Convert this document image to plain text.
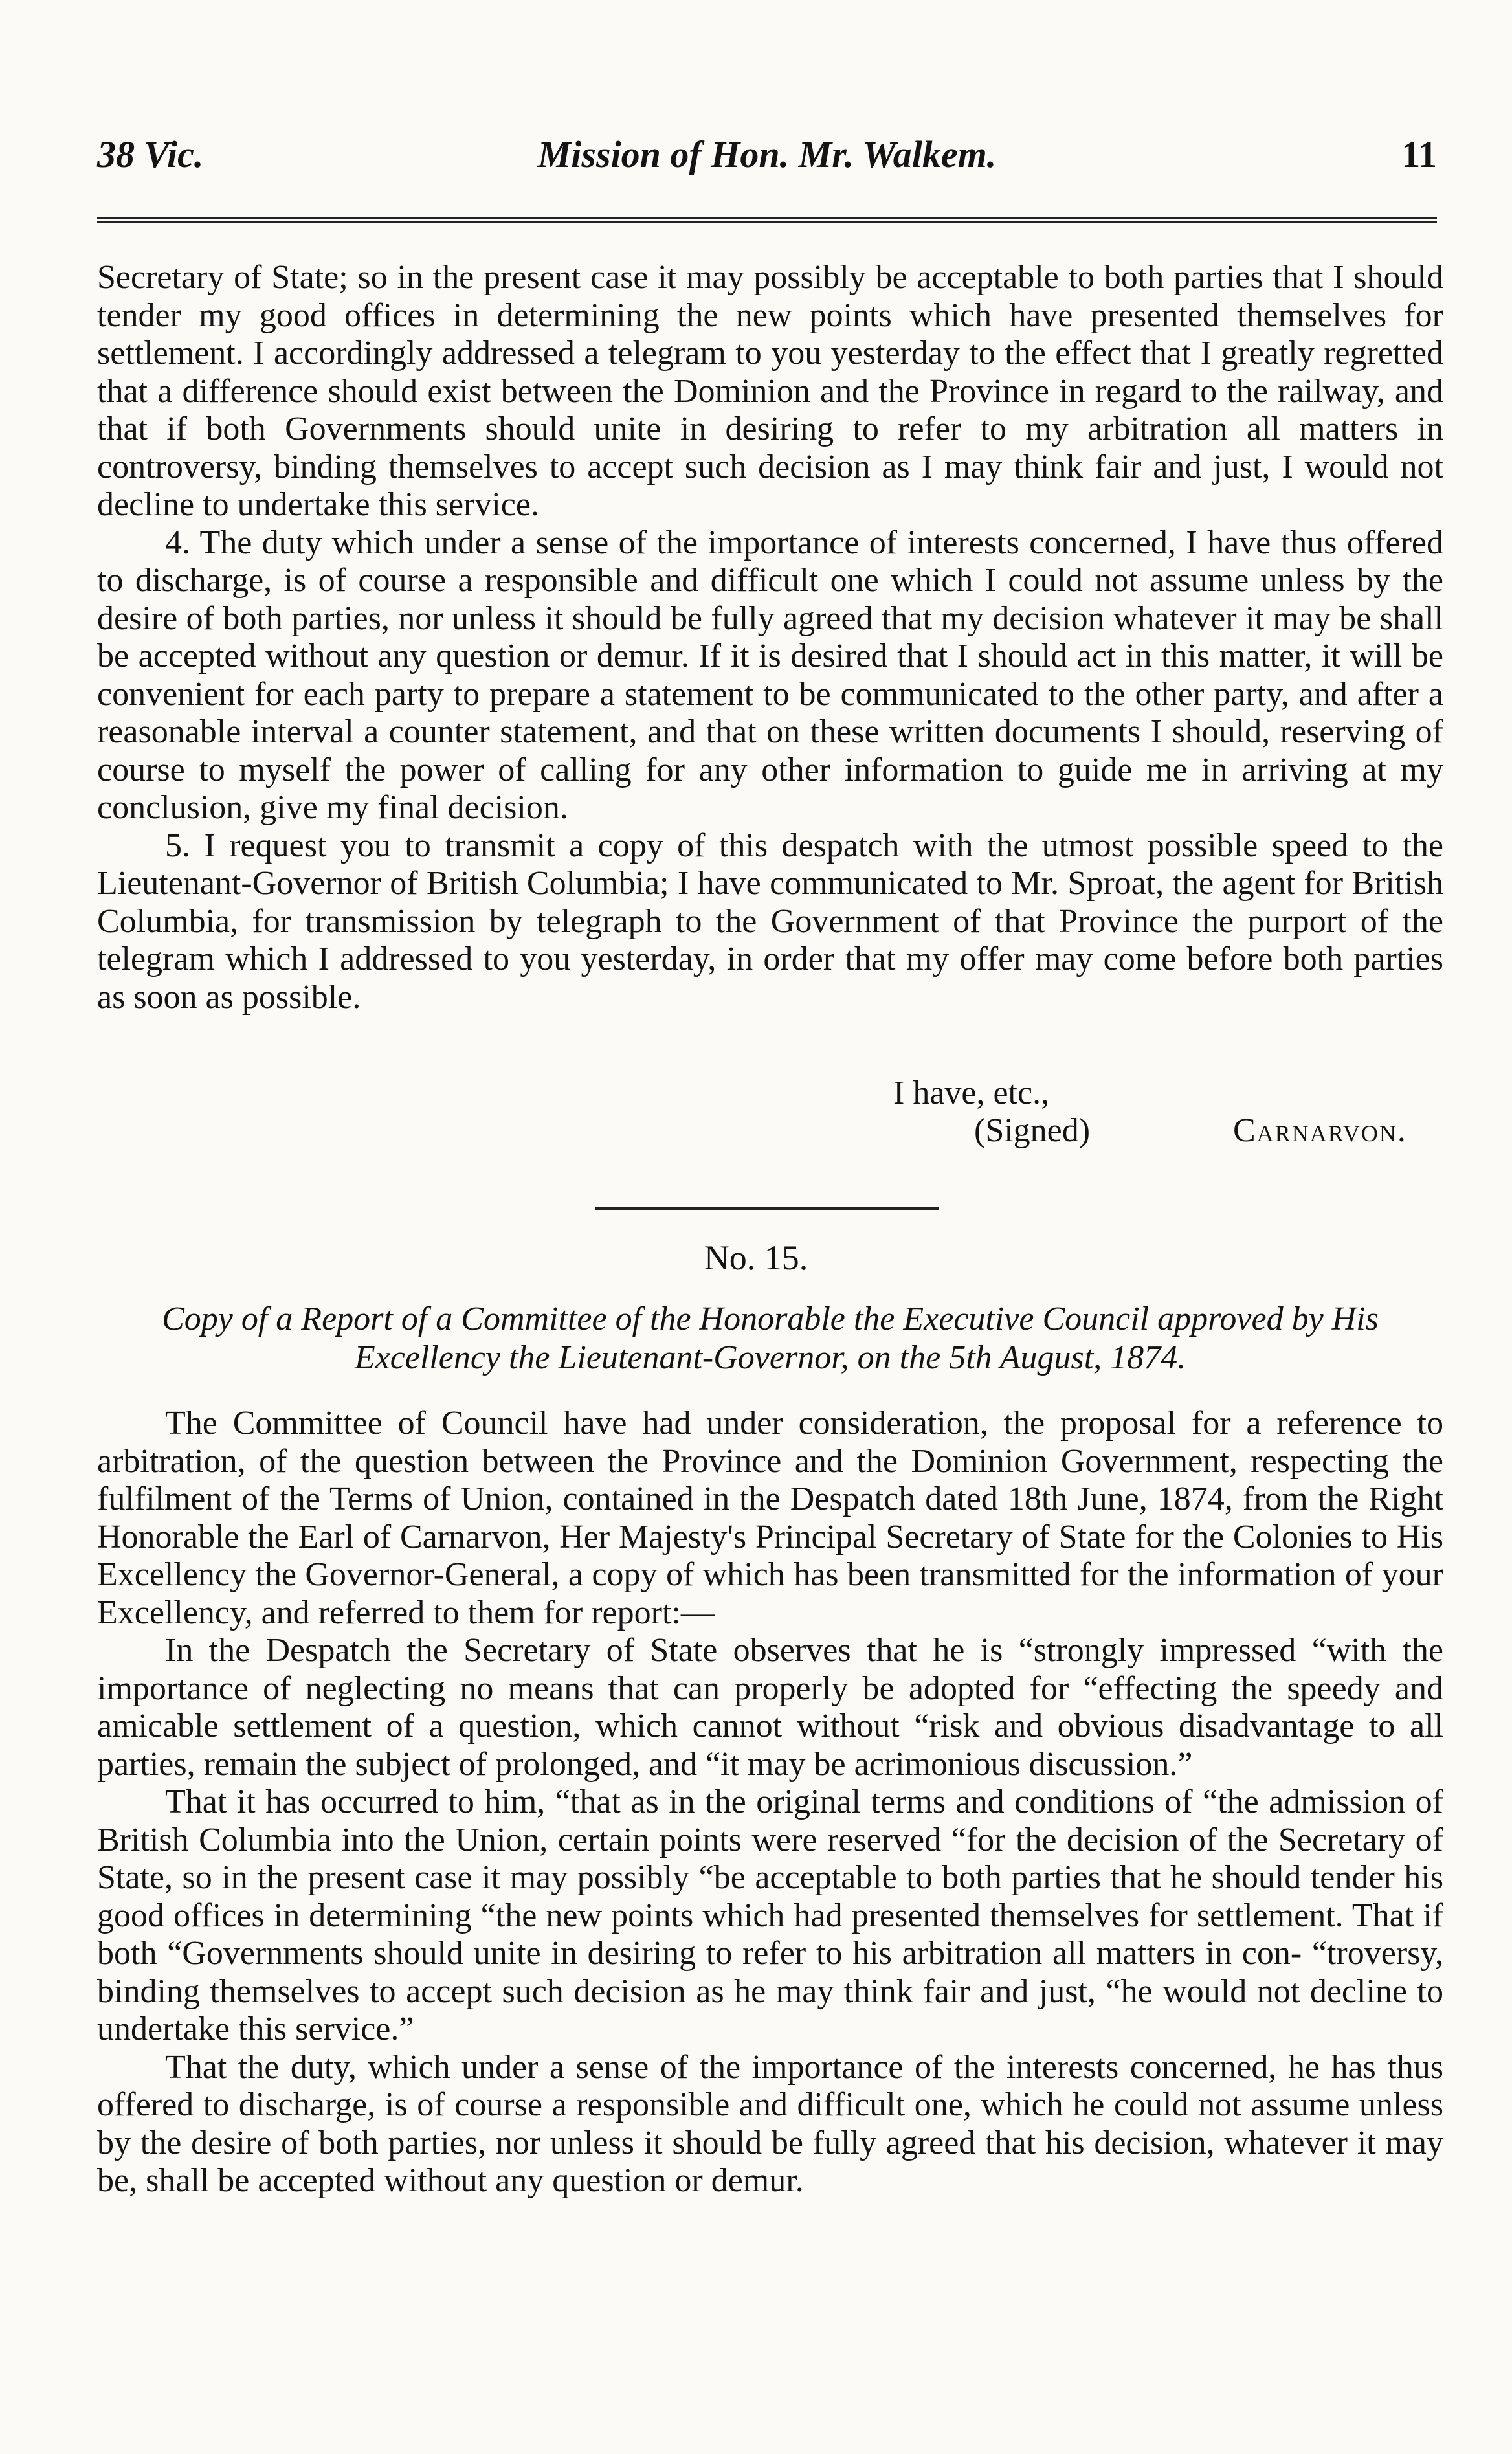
38 Vic.	Mission of Hon. Mr. Walkem.	11

Secretary of State; so in the present case it may possibly be acceptable to both parties that I should tender my good offices in determining the new points which have presented themselves for settlement. I accordingly addressed a telegram to you yesterday to the effect that I greatly regretted that a difference should exist between the Dominion and the Province in regard to the railway, and that if both Governments should unite in desiring to refer to my arbitration all matters in controversy, binding themselves to accept such decision as I may think fair and just, I would not decline to undertake this service.

4. The duty which under a sense of the importance of interests concerned, I have thus offered to discharge, is of course a responsible and difficult one which I could not assume unless by the desire of both parties, nor unless it should be fully agreed that my decision whatever it may be shall be accepted without any question or demur. If it is desired that I should act in this matter, it will be convenient for each party to prepare a statement to be communicated to the other party, and after a reasonable interval a counter statement, and that on these written documents I should, reserving of course to myself the power of calling for any other information to guide me in arriving at my conclusion, give my final decision.

5. I request you to transmit a copy of this despatch with the utmost possible speed to the Lieutenant-Governor of British Columbia; I have communicated to Mr. Sproat, the agent for British Columbia, for transmission by telegraph to the Government of that Province the purport of the telegram which I addressed to you yesterday, in order that my offer may come before both parties as soon as possible.

I have, etc.,
(Signed)	Carnarvon.
No. 15.
Copy of a Report of a Committee of the Honorable the Executive Council approved by His Excellency the Lieutenant-Governor, on the 5th August, 1874.

The Committee of Council have had under consideration, the proposal for a reference to arbitration, of the question between the Province and the Dominion Government, respecting the fulfilment of the Terms of Union, contained in the Despatch dated 18th June, 1874, from the Right Honorable the Earl of Carnarvon, Her Majesty's Principal Secretary of State for the Colonies to His Excellency the Governor-General, a copy of which has been transmitted for the information of your Excellency, and referred to them for report:—

In the Despatch the Secretary of State observes that he is “strongly impressed “with the importance of neglecting no means that can properly be adopted for “effecting the speedy and amicable settlement of a question, which cannot without “risk and obvious disadvantage to all parties, remain the subject of prolonged, and “it may be acrimonious discussion.”

That it has occurred to him, “that as in the original terms and conditions of “the admission of British Columbia into the Union, certain points were reserved “for the decision of the Secretary of State, so in the present case it may possibly “be acceptable to both parties that he should tender his good offices in determining “the new points which had presented themselves for settlement. That if both “Governments should unite in desiring to refer to his arbitration all matters in con- “troversy, binding themselves to accept such decision as he may think fair and just, “he would not decline to undertake this service.”

That the duty, which under a sense of the importance of the interests concerned, he has thus offered to discharge, is of course a responsible and difficult one, which he could not assume unless by the desire of both parties, nor unless it should be fully agreed that his decision, whatever it may be, shall be accepted without any question or demur.
